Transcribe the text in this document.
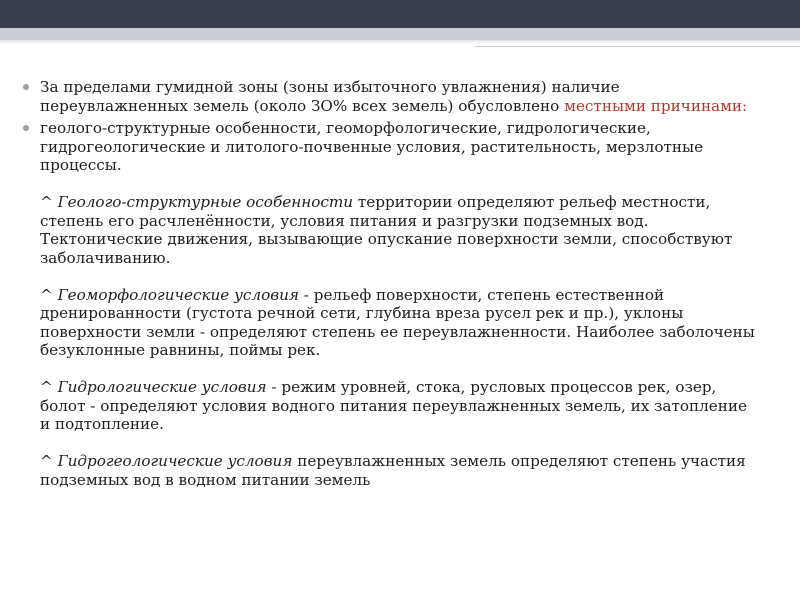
За пределами гумидной зоны (зоны избыточного увлажнения) наличие переувлажненных земель (около ЗО% всех земель) обусловлено местными причинами:
геолого-структурные особенности, геоморфологические, гидрологические, гидрогеологические и литолого-почвенные условия, растительность, мерзлотные процессы.
^ Геолого-структурные особенности территории определяют рельеф местности, степень его расчленённости, условия питания и разгрузки подземных вод. Тектонические движения, вызывающие опускание поверхности земли, способствуют заболачиванию.
^ Геоморфологические условия - рельеф поверхности, степень естественной дренированности (густота речной сети, глубина вреза русел рек и пр.), уклоны поверхности земли - определяют степень ее переувлажненности. Наиболее заболочены безуклонные равнины, поймы рек.
^ Гидрологические условия - режим уровней, стока, русловых процессов рек, озер, болот - определяют условия водного питания переувлажненных земель, их затопление и подтопление.
^ Гидрогеологические условия переувлажненных земель определяют степень участия подземных вод в водном питании земель
